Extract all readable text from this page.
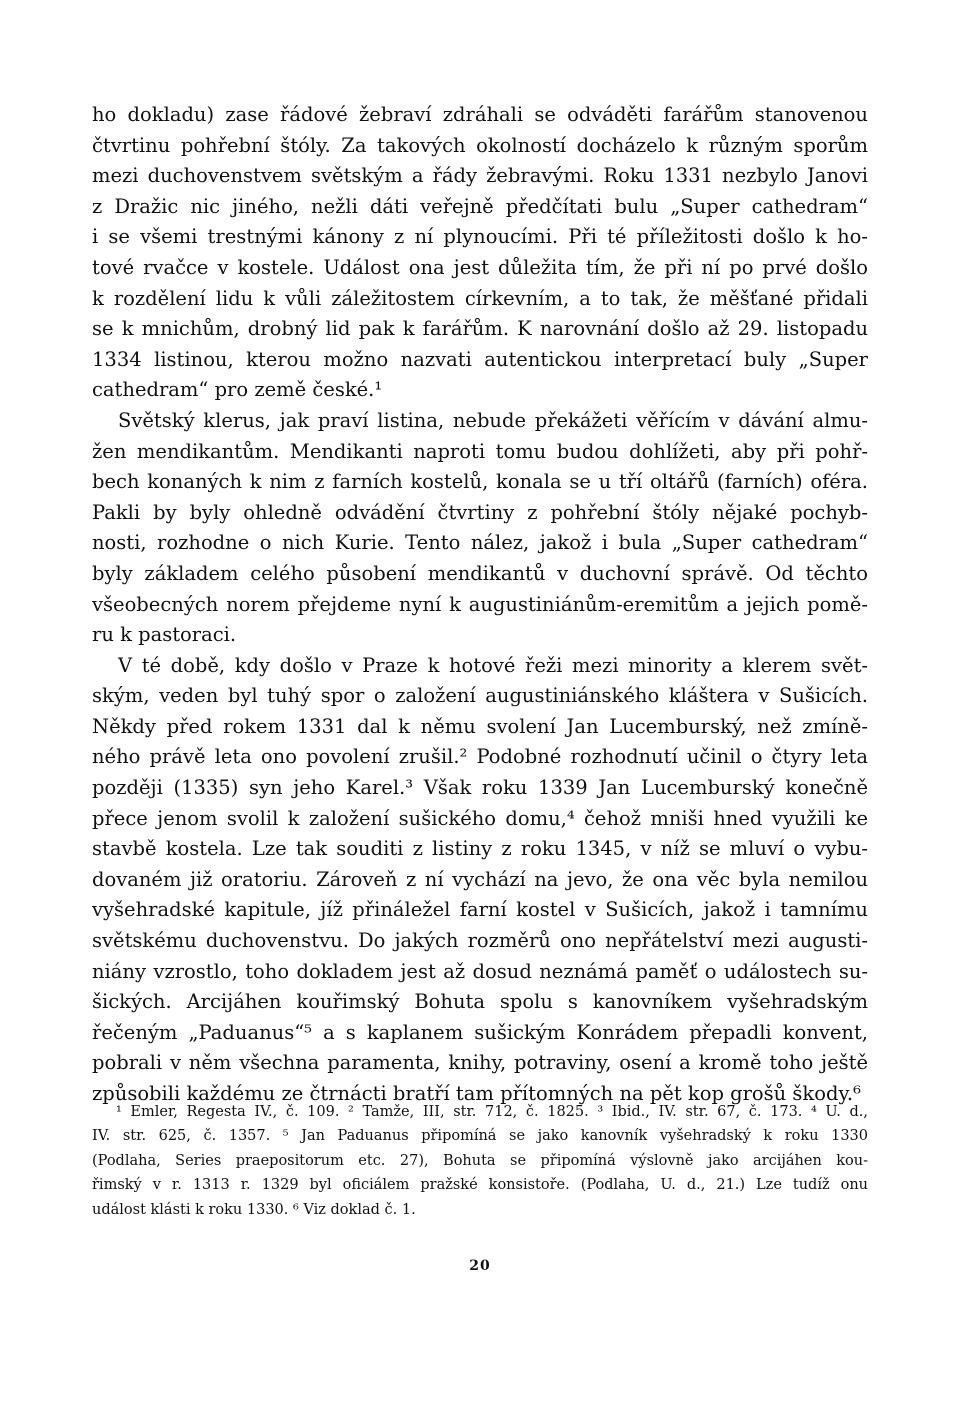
ho dokladu) zase řádové žebraví zdráhali se odváděti farářům stanovenou
čtvrtinu pohřební štóly. Za takových okolností docházelo k různým sporům
mezi duchovenstvem světským a řády žebravými. Roku 1331 nezbylo Janovi
z Dražic nic jiného, nežli dáti veřejně předčítati bulu „Super cathedram“
i se všemi trestnými kánony z ní plynoucími. Při té příležitosti došlo k ho-
tové rvačce v kostele. Událost ona jest důležita tím, že při ní po prvé došlo
k rozdělení lidu k vůli záležitostem církevním, a to tak, že měšťané přidali
se k mnichům, drobný lid pak k farářům. K narovnání došlo až 29. listopadu
1334 listinou, kterou možno nazvati autentickou interpretací buly „Super
cathedram“ pro země české.¹
Světský klerus, jak praví listina, nebude překážeti věřícím v dávání almu-
žen mendikantům. Mendikanti naproti tomu budou dohlížeti, aby při pohř-
bech konaných k nim z farních kostelů, konala se u tří oltářů (farních) oféra.
Pakli by byly ohledně odvádění čtvrtiny z pohřební štóly nějaké pochyb-
nosti, rozhodne o nich Kurie. Tento nález, jakož i bula „Super cathedram“
byly základem celého působení mendikantů v duchovní správě. Od těchto
všeobecných norem přejdeme nyní k augustiniánům-eremitům a jejich pomě-
ru k pastoraci.
V té době, kdy došlo v Praze k hotové řeži mezi minority a klerem svět-
ským, veden byl tuhý spor o založení augustiniánského kláštera v Sušicích.
Někdy před rokem 1331 dal k němu svolení Jan Lucemburský, než zmíně-
ného právě leta ono povolení zrušil.² Podobné rozhodnutí učinil o čtyry leta
později (1335) syn jeho Karel.³ Však roku 1339 Jan Lucemburský konečně
přece jenom svolil k založení sušického domu,⁴ čehož mniši hned využili ke
stavbě kostela. Lze tak souditi z listiny z roku 1345, v níž se mluví o vybu-
dovaném již oratoriu. Zároveň z ní vychází na jevo, že ona věc byla nemilou
vyšehradské kapitule, jíž přináležel farní kostel v Sušicích, jakož i tamnímu
světskému duchovenstvu. Do jakých rozměrů ono nepřátelství mezi augusti-
niány vzrostlo, toho dokladem jest až dosud neznámá paměť o událostech su-
šických. Arcijáhen kouřimský Bohuta spolu s kanovníkem vyšehradským
řečeným „Paduanus“⁵ a s kaplanem sušickým Konrádem přepadli konvent,
pobrali v něm všechna paramenta, knihy, potraviny, osení a kromě toho ještě
způsobili každému ze čtrnácti bratří tam přítomných na pět kop grošů škody.⁶
¹ Emler, Regesta IV., č. 109. ² Tamže, III, str. 712, č. 1825. ³ Ibid., IV. str. 67, č. 173. ⁴ U. d.,
IV. str. 625, č. 1357. ⁵ Jan Paduanus připomíná se jako kanovník vyšehradský k roku 1330
(Podlaha, Series praepositorum etc. 27), Bohuta se připomíná výslovně jako arcijáhen kou-
řimský v r. 1313 r. 1329 byl oficiálem pražské konsistoře. (Podlaha, U. d., 21.) Lze tudíž onu
událost klásti k roku 1330. ⁶ Viz doklad č. 1.
20
